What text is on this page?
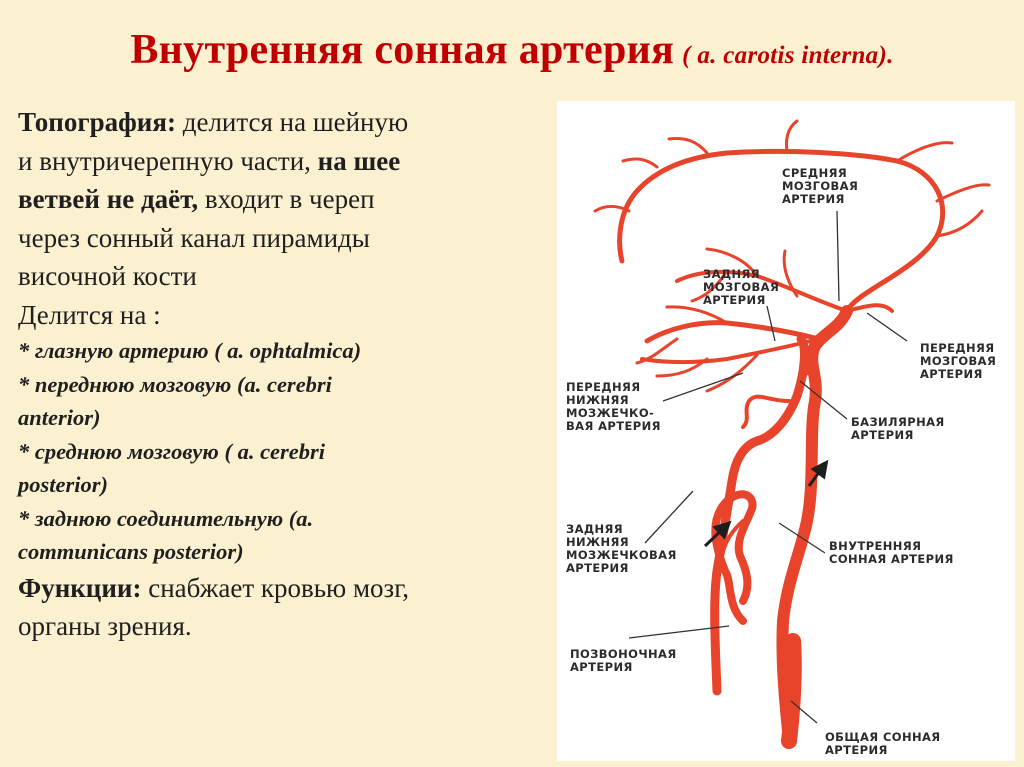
Внутренняя сонная артерия ( a. carotis interna).
Топография: делится на шейную
и внутричерепную части, на шее
ветвей не даёт, входит в череп
через сонный канал пирамиды
височной кости
Делится на :
* глазную артерию ( a. ophtalmica)
* переднюю мозговую (a. cerebri
anterior)
* среднюю мозговую ( a. cerebri
posterior)
* заднюю соединительную (a.
communicans posterior)
Функции: снабжает кровью мозг,
органы зрения.
СРЕДНЯЯ МОЗГОВАЯ АРТЕРИЯ
ЗАДНЯЯ МОЗГОВАЯ АРТЕРИЯ
ПЕРЕДНЯЯ МОЗГОВАЯ АРТЕРИЯ
ПЕРЕДНЯЯ НИЖНЯЯ МОЗЖЕЧКО- ВАЯ АРТЕРИЯ	БАЗИЛЯРНАЯ АРТЕРИЯ
ЗАДНЯЯ НИЖНЯЯ МОЗЖЕЧКОВАЯ АРТЕРИЯ
ВНУТРЕННЯЯ СОННАЯ АРТЕРИЯ
ПОЗВОНОЧНАЯ АРТЕРИЯ
ОБЩАЯ СОННАЯ АРТЕРИЯ
